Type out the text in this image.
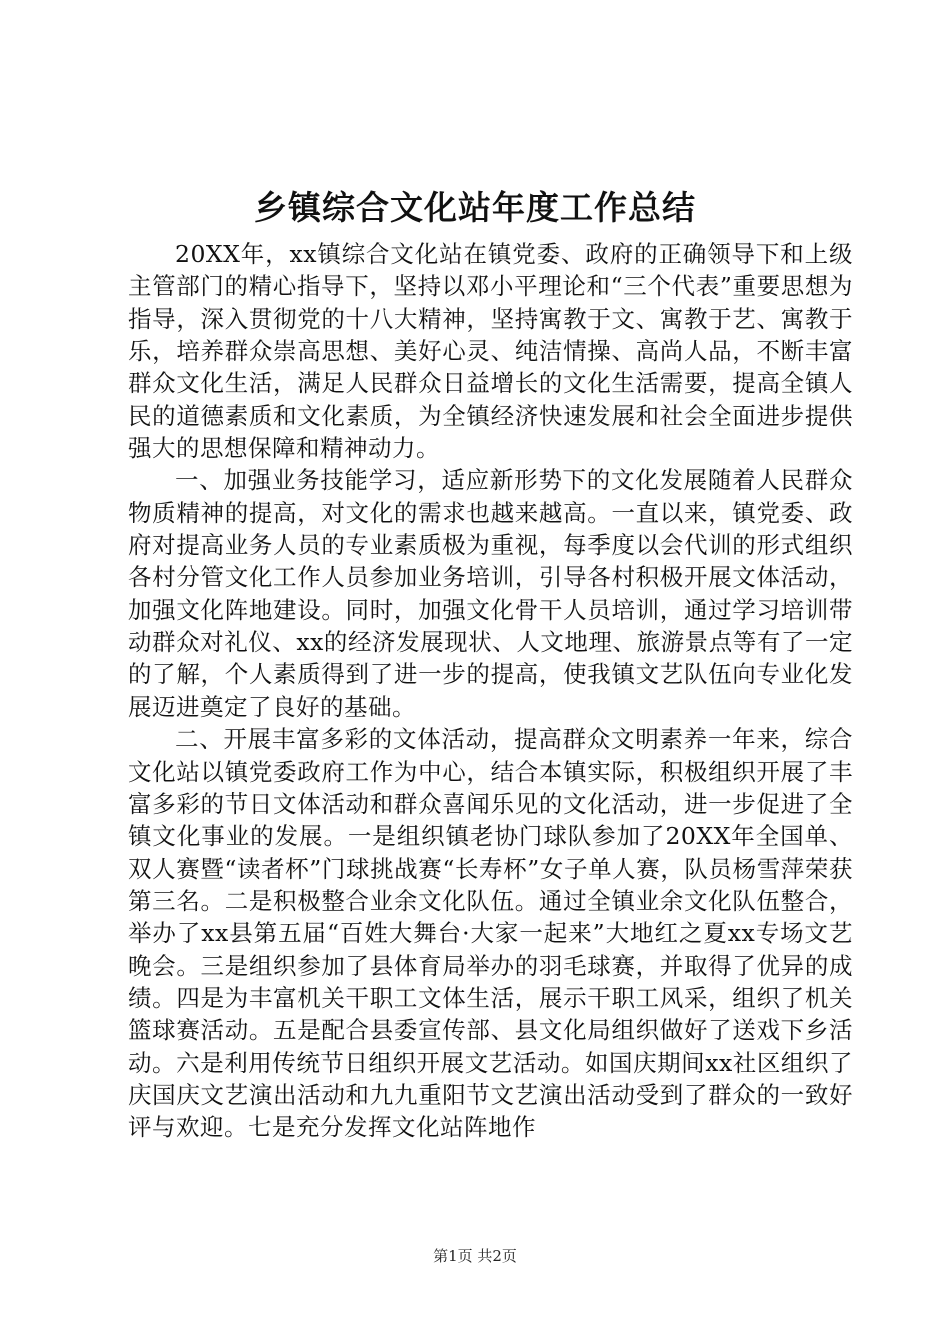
乡镇综合文化站年度工作总结

20XX年，xx镇综合文化站在镇党委、政府的正确领导下和上级主管部门的精心指导下，坚持以邓小平理论和“三个代表”重要思想为指导，深入贯彻党的十八大精神，坚持寓教于文、寓教于艺、寓教于乐，培养群众崇高思想、美好心灵、纯洁情操、高尚人品，不断丰富群众文化生活，满足人民群众日益增长的文化生活需要，提高全镇人民的道德素质和文化素质，为全镇经济快速发展和社会全面进步提供强大的思想保障和精神动力。

一、加强业务技能学习，适应新形势下的文化发展随着人民群众物质精神的提高，对文化的需求也越来越高。一直以来，镇党委、政府对提高业务人员的专业素质极为重视，每季度以会代训的形式组织各村分管文化工作人员参加业务培训，引导各村积极开展文体活动，加强文化阵地建设。同时，加强文化骨干人员培训，通过学习培训带动群众对礼仪、xx的经济发展现状、人文地理、旅游景点等有了一定的了解，个人素质得到了进一步的提高，使我镇文艺队伍向专业化发展迈进奠定了良好的基础。

二、开展丰富多彩的文体活动，提高群众文明素养一年来，综合文化站以镇党委政府工作为中心，结合本镇实际，积极组织开展了丰富多彩的节日文体活动和群众喜闻乐见的文化活动，进一步促进了全镇文化事业的发展。一是组织镇老协门球队参加了20XX年全国单、双人赛暨“读者杯”门球挑战赛“长寿杯”女子单人赛，队员杨雪萍荣获第三名。二是积极整合业余文化队伍。通过全镇业余文化队伍整合，举办了xx县第五届“百姓大舞台·大家一起来”大地红之夏xx专场文艺晚会。三是组织参加了县体育局举办的羽毛球赛，并取得了优异的成绩。四是为丰富机关干职工文体生活，展示干职工风采，组织了机关篮球赛活动。五是配合县委宣传部、县文化局组织做好了送戏下乡活动。六是利用传统节日组织开展文艺活动。如国庆期间xx社区组织了庆国庆文艺演出活动和九九重阳节文艺演出活动受到了群众的一致好评与欢迎。七是充分发挥文化站阵地作

第1页 共2页
